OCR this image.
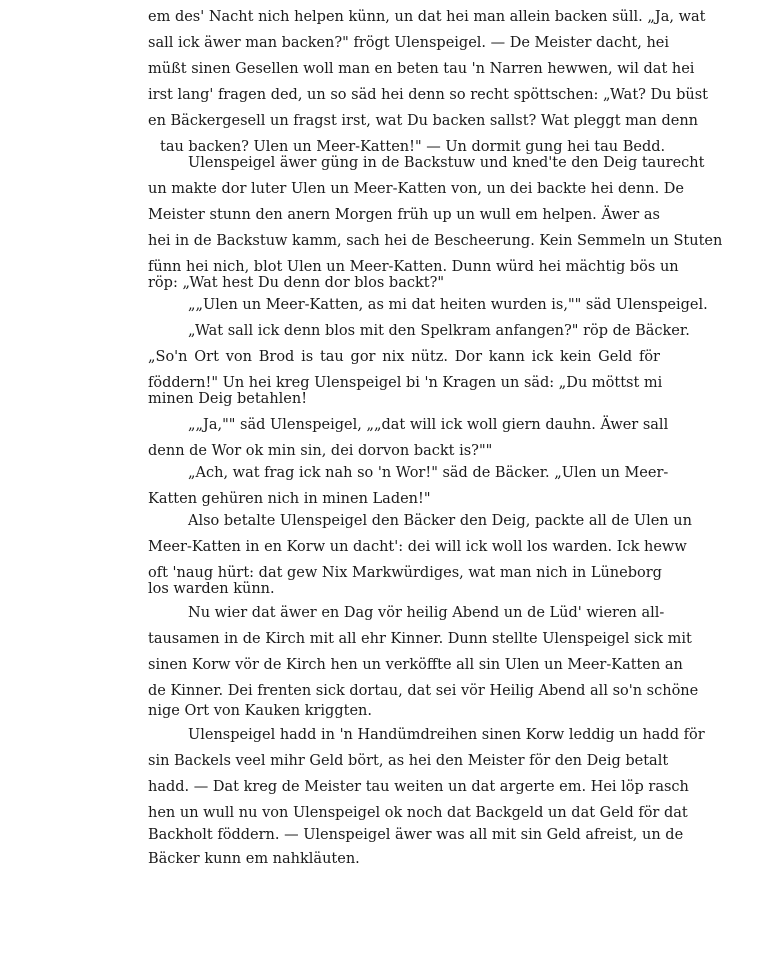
em des' Nacht nich helpen künn, un dat hei man allein backen süll. „Ja, wat
sall ick äwer man backen?" frögt Ulenspeigel. — De Meister dacht, hei
müßt sinen Gesellen woll man en beten tau 'n Narren hewwen, wil dat hei
irst lang' fragen ded, un so säd hei denn so recht spöttschen: „Wat? Du büst
en Bäckergesell un fragst irst, wat Du backen sallst? Wat pleggt man denn
tau backen? Ulen un Meer-Katten!" — Un dormit gung hei tau Bedd.
Ulenspeigel äwer güng in de Backstuw und kned'te den Deig taurecht
un makte dor luter Ulen un Meer-Katten von, un dei backte hei denn. De
Meister stunn den anern Morgen früh up un wull em helpen. Äwer as
hei in de Backstuw kamm, sach hei de Bescheerung. Kein Semmeln un Stuten
fünn hei nich, blot Ulen un Meer-Katten. Dunn würd hei mächtig bös un
röp: „Wat hest Du denn dor blos backt?"
„„Ulen un Meer-Katten, as mi dat heiten wurden is,"" säd Ulenspeigel.
„Wat sall ick denn blos mit den Spelkram anfangen?" röp de Bäcker.
„So'n Ort von Brod is tau gor nix nütz. Dor kann ick kein Geld för
föddern!" Un hei kreg Ulenspeigel bi 'n Kragen un säd: „Du möttst mi
minen Deig betahlen!
„„Ja,"" säd Ulenspeigel, „„dat will ick woll giern dauhn. Äwer sall
denn de Wor ok min sin, dei dorvon backt is?""
„Ach, wat frag ick nah so 'n Wor!" säd de Bäcker. „Ulen un Meer-
Katten gehüren nich in minen Laden!"
Also betalte Ulenspeigel den Bäcker den Deig, packte all de Ulen un
Meer-Katten in en Korw un dacht': dei will ick woll los warden. Ick heww
oft 'naug hürt: dat gew Nix Markwürdiges, wat man nich in Lüneborg
los warden künn.
Nu wier dat äwer en Dag vör heilig Abend un de Lüd' wieren all-
tausamen in de Kirch mit all ehr Kinner. Dunn stellte Ulenspeigel sick mit
sinen Korw vör de Kirch hen un verköffte all sin Ulen un Meer-Katten an
de Kinner. Dei frenten sick dortau, dat sei vör Heilig Abend all so'n schöne
nige Ort von Kauken kriggten.
Ulenspeigel hadd in 'n Handümdreihen sinen Korw leddig un hadd för
sin Backels veel mihr Geld bört, as hei den Meister för den Deig betalt
hadd. — Dat kreg de Meister tau weiten un dat argerte em. Hei löp rasch
hen un wull nu von Ulenspeigel ok noch dat Backgeld un dat Geld för dat
Backholt föddern. — Ulenspeigel äwer was all mit sin Geld afreist, un de
Bäcker kunn em nahkläuten.
